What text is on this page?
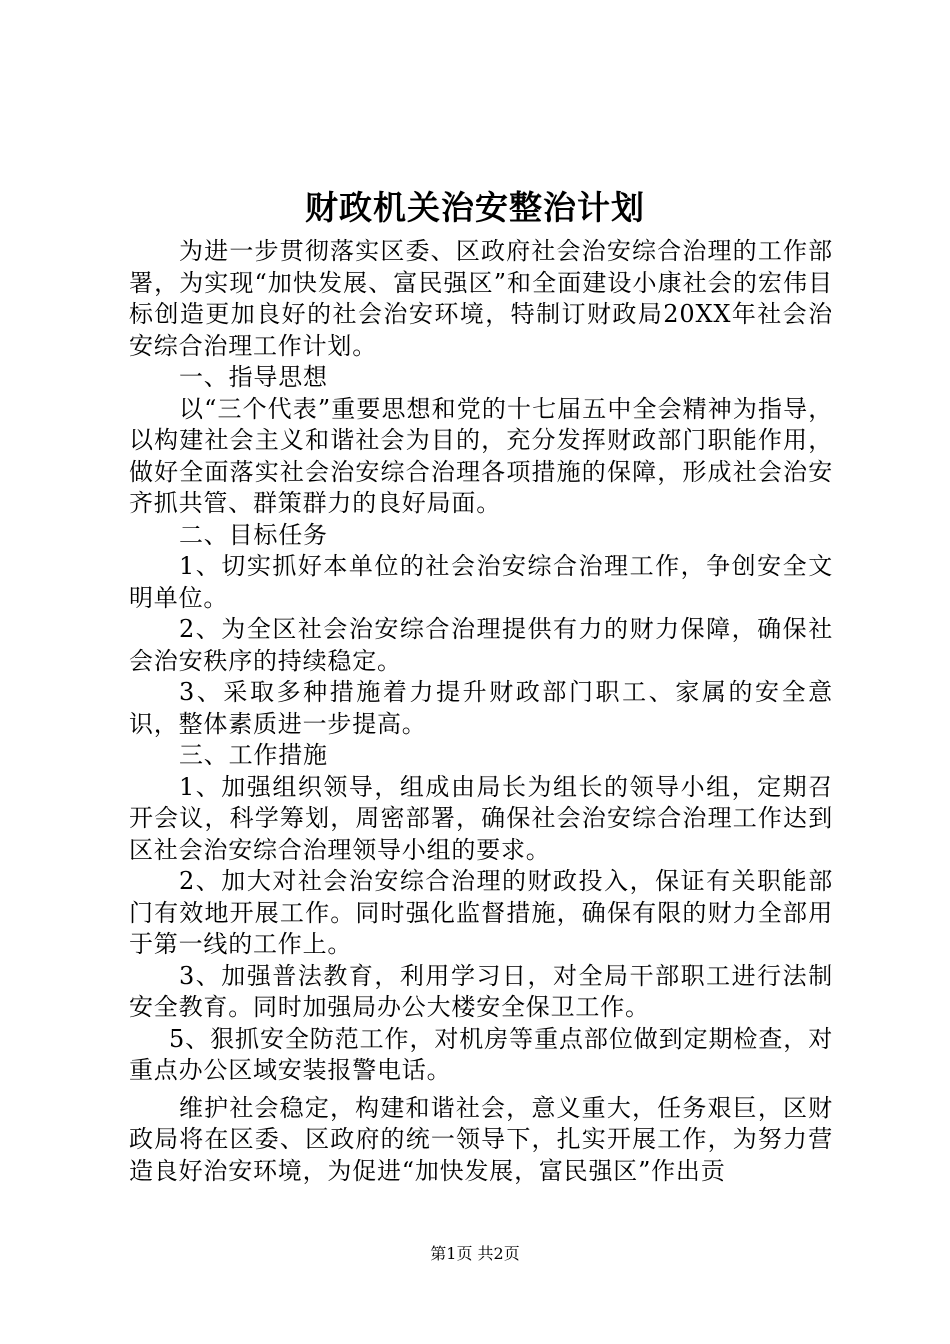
财政机关治安整治计划

为进一步贯彻落实区委、区政府社会治安综合治理的工作部署，为实现“加快发展、富民强区”和全面建设小康社会的宏伟目标创造更加良好的社会治安环境，特制订财政局20XX年社会治安综合治理工作计划。

一、指导思想

以“三个代表”重要思想和党的十七届五中全会精神为指导，以构建社会主义和谐社会为目的，充分发挥财政部门职能作用，做好全面落实社会治安综合治理各项措施的保障，形成社会治安齐抓共管、群策群力的良好局面。

二、目标任务

1、切实抓好本单位的社会治安综合治理工作，争创安全文明单位。

2、为全区社会治安综合治理提供有力的财力保障，确保社会治安秩序的持续稳定。

3、采取多种措施着力提升财政部门职工、家属的安全意识，整体素质进一步提高。

三、工作措施

1、加强组织领导，组成由局长为组长的领导小组，定期召开会议，科学筹划，周密部署，确保社会治安综合治理工作达到区社会治安综合治理领导小组的要求。

2、加大对社会治安综合治理的财政投入，保证有关职能部门有效地开展工作。同时强化监督措施，确保有限的财力全部用于第一线的工作上。

3、加强普法教育，利用学习日，对全局干部职工进行法制安全教育。同时加强局办公大楼安全保卫工作。

5、狠抓安全防范工作，对机房等重点部位做到定期检查，对重点办公区域安装报警电话。

维护社会稳定，构建和谐社会，意义重大，任务艰巨，区财政局将在区委、区政府的统一领导下，扎实开展工作，为努力营造良好治安环境，为促进“加快发展，富民强区”作出贡

第1页 共2页
